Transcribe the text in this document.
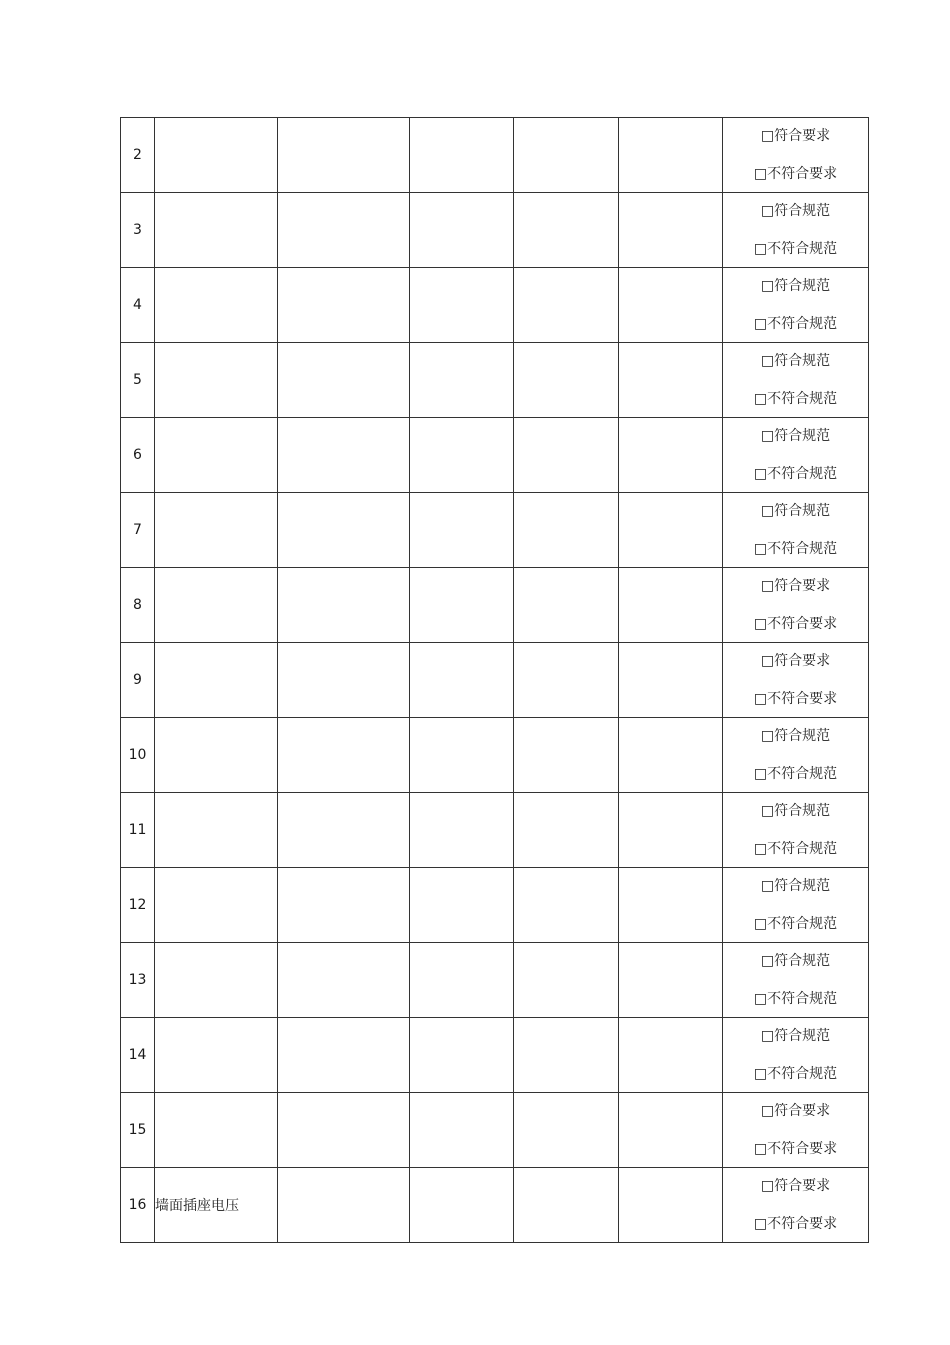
2						□符合要求
□不符合要求

3						□符合规范
□不符合规范

4						□符合规范
□不符合规范

5						□符合规范
□不符合规范

6						□符合规范
□不符合规范

7						□符合规范
□不符合规范

8						□符合要求
□不符合要求

9						□符合要求
□不符合要求

10						□符合规范
□不符合规范

11						□符合规范
□不符合规范

12						□符合规范
□不符合规范

13						□符合规范
□不符合规范

14						□符合规范
□不符合规范

15						□符合要求
□不符合要求

16	墙面插座电压					□符合要求
□不符合要求
